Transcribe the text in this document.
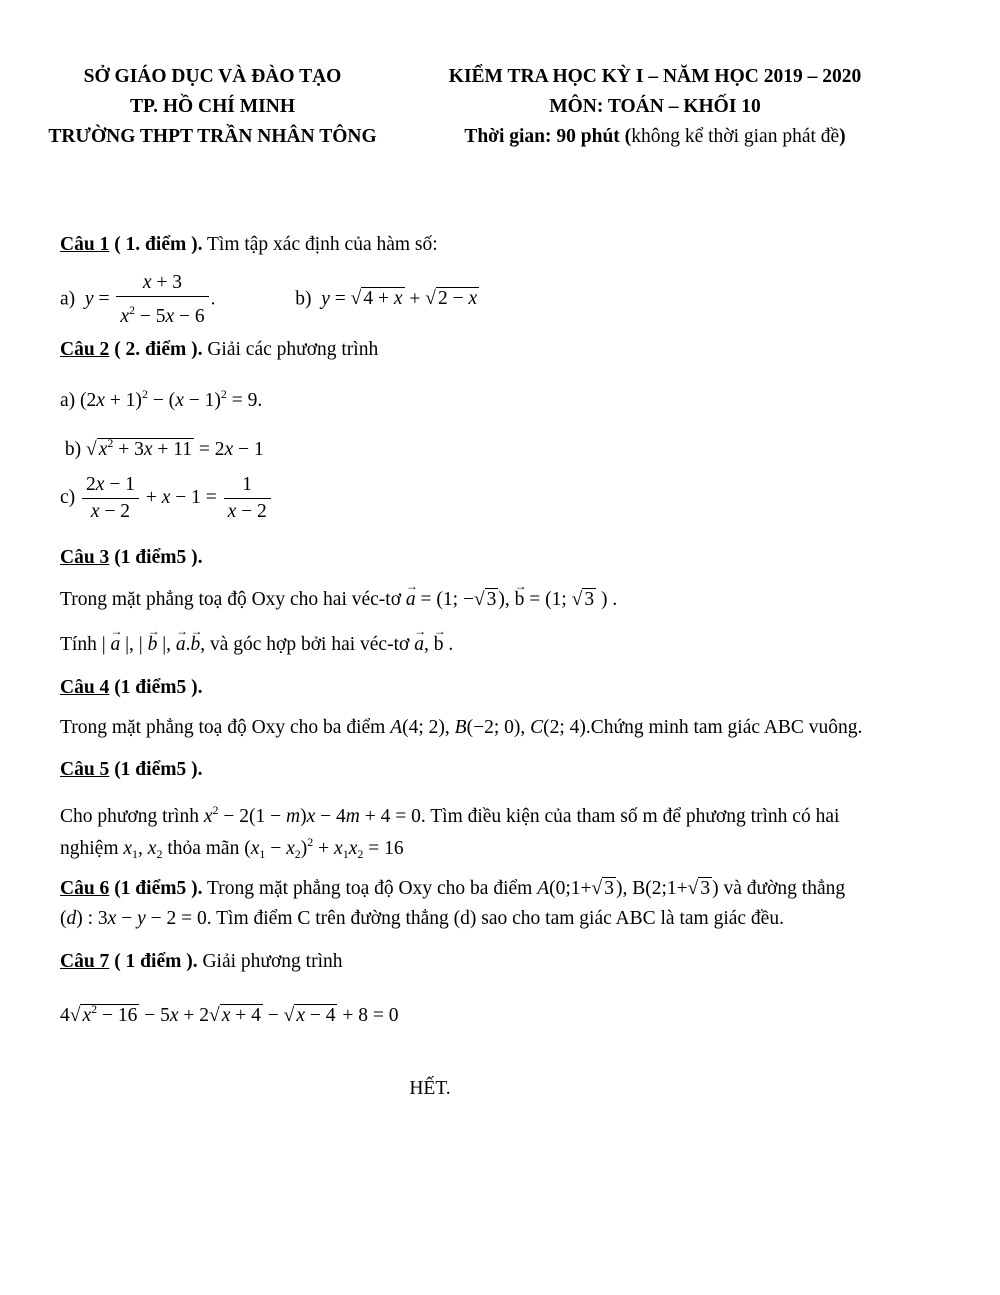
SỞ GIÁO DỤC VÀ ĐÀO TẠO
TP. HỒ CHÍ MINH
TRƯỜNG THPT TRẦN NHÂN TÔNG
KIỂM TRA HỌC KỲ I – NĂM HỌC 2019 – 2020
MÔN: TOÁN – KHỐI 10
Thời gian: 90 phút (không kể thời gian phát đề)
Câu 1 ( 1. điểm ). Tìm tập xác định của hàm số:
a)  $y = \frac{x + 3}{x^2 - 5x - 6}$ .	b)  y = √ 4 + x + √ 2 − x
Câu 2 ( 2. điểm ). Giải các phương trình
a) $(2x + 1)^2 - (x - 1)^2 = 9$.
b) √ $x^2 + 3x + 11 = 2x - 1$
$c) \frac{2x - 1}{x - 2} + x - 1 = \frac{1}{x - 2}$
Câu 3 (1 điểm5 ).
Trong mặt phẳng toạ độ Oxy cho hai véc-tơ → a = (1; −√ 3 ), → b = (1; √ 3 ) .
Tính | → a |, | → b |, → a.→ b, và góc hợp bởi hai véc-tơ → a, → b .
Câu 4 (1 điểm5 ).
Trong mặt phẳng toạ độ Oxy cho ba điểm A(4; 2), B(−2; 0), C(2; 4).Chứng minh tam giác ABC vuông.
Câu 5 (1 điểm5 ).
Cho phương trình $x^2 - 2(1 - m)x - 4m + 4 = 0$. Tìm điều kiện của tham số m để phương trình có hai
nghiệm $x_1$, $x_2$ thỏa mãn $(x_1 - x_2)^2 + x_1x_2 = 16$
Câu 6 (1 điểm5 ). Trong mặt phẳng toạ độ Oxy cho ba điểm A(0;1+√ 3 ), B(2;1+√ 3 ) và đường thẳng
(d) : 3x − y − 2 = 0. Tìm điểm C trên đường thẳng (d) sao cho tam giác ABC là tam giác đều.
Câu 7 ( 1 điểm ). Giải phương trình
4√ $x^2 - 16 - 5x + 2√$ x + 4 − √ x − 4 + 8 = 0
HẾT.
